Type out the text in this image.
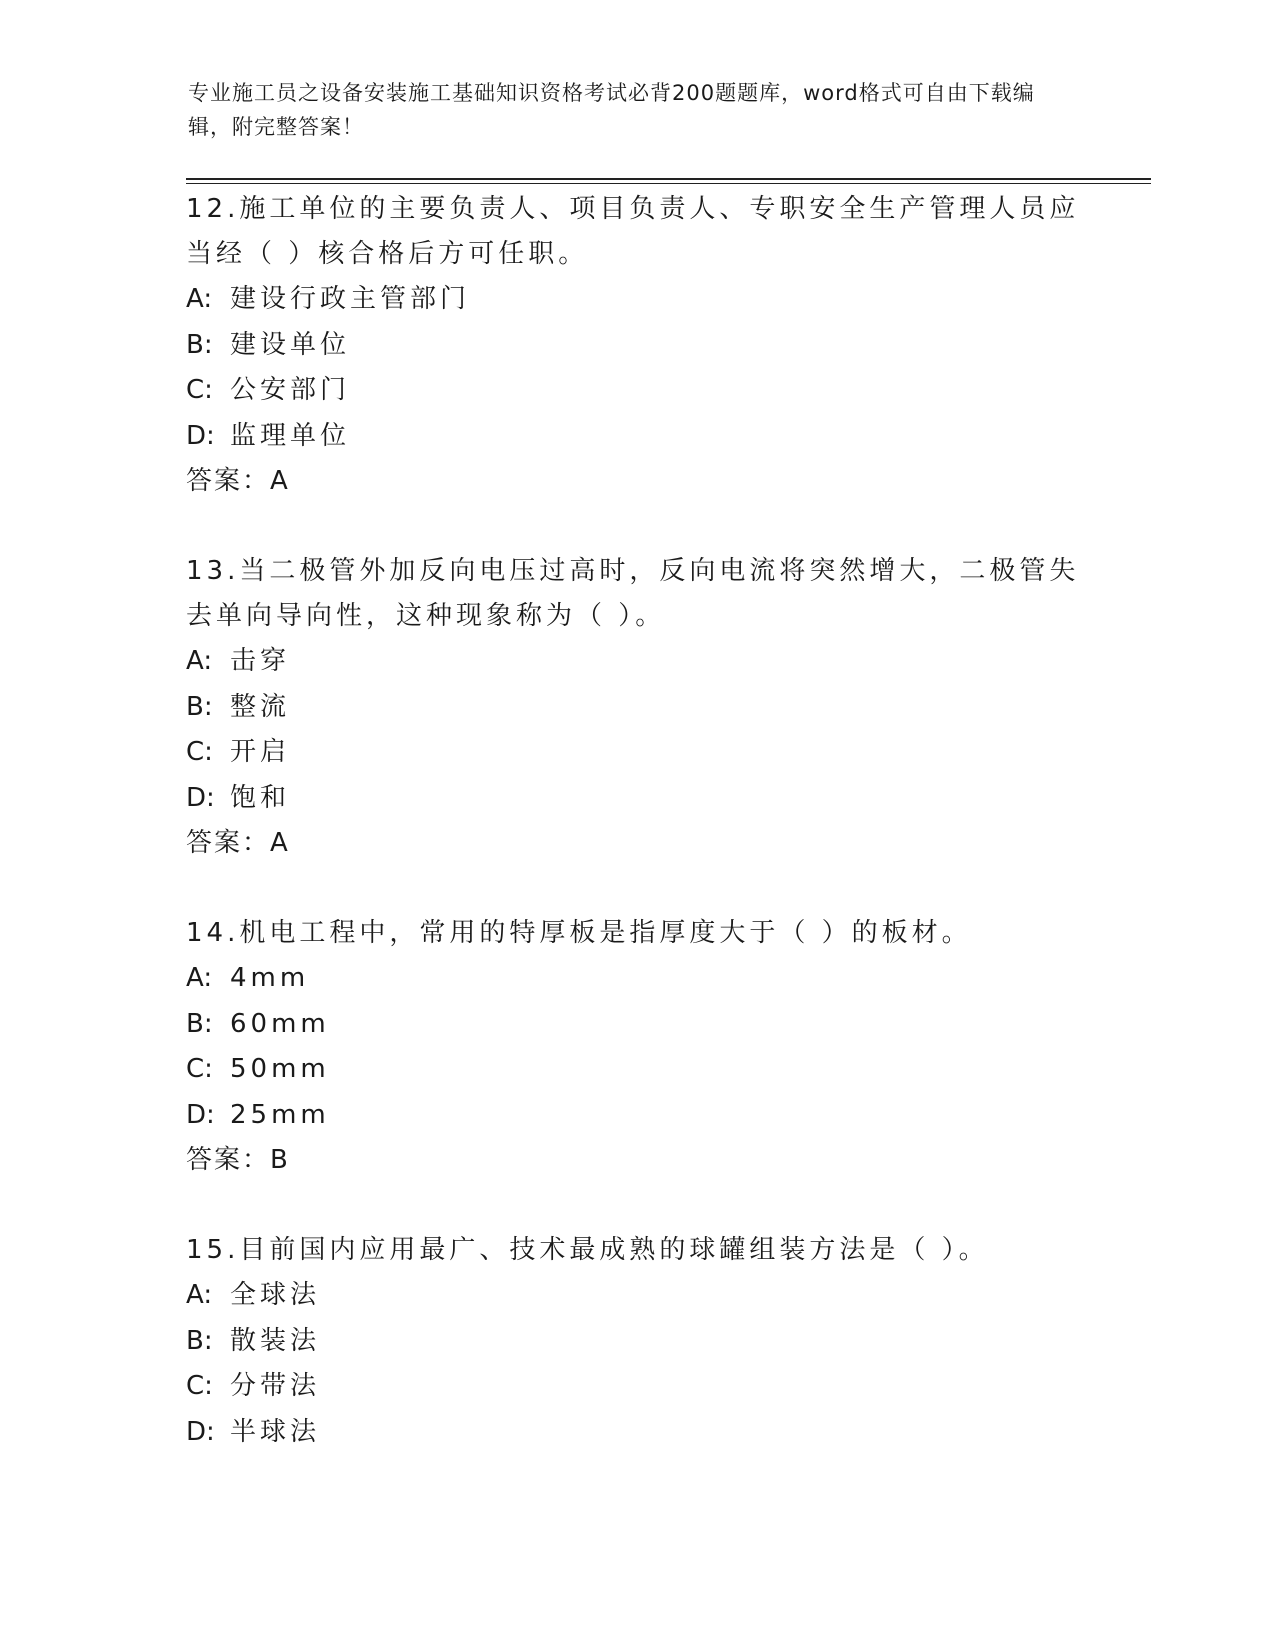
专业施工员之设备安装施工基础知识资格考试必背200题题库，word格式可自由下载编辑，附完整答案！

12.施工单位的主要负责人、项目负责人、专职安全生产管理人员应当经（ ）核合格后方可任职。

A: 建设行政主管部门
B: 建设单位
C: 公安部门
D: 监理单位
答案：A

13.当二极管外加反向电压过高时，反向电流将突然增大，二极管失去单向导向性，这种现象称为（ ）。

A: 击穿
B: 整流
C: 开启
D: 饱和
答案：A

14.机电工程中，常用的特厚板是指厚度大于（ ）的板材。

A: 4mm
B: 60mm
C: 50mm
D: 25mm
答案：B

15.目前国内应用最广、技术最成熟的球罐组装方法是（ ）。

A: 全球法
B: 散装法
C: 分带法
D: 半球法
